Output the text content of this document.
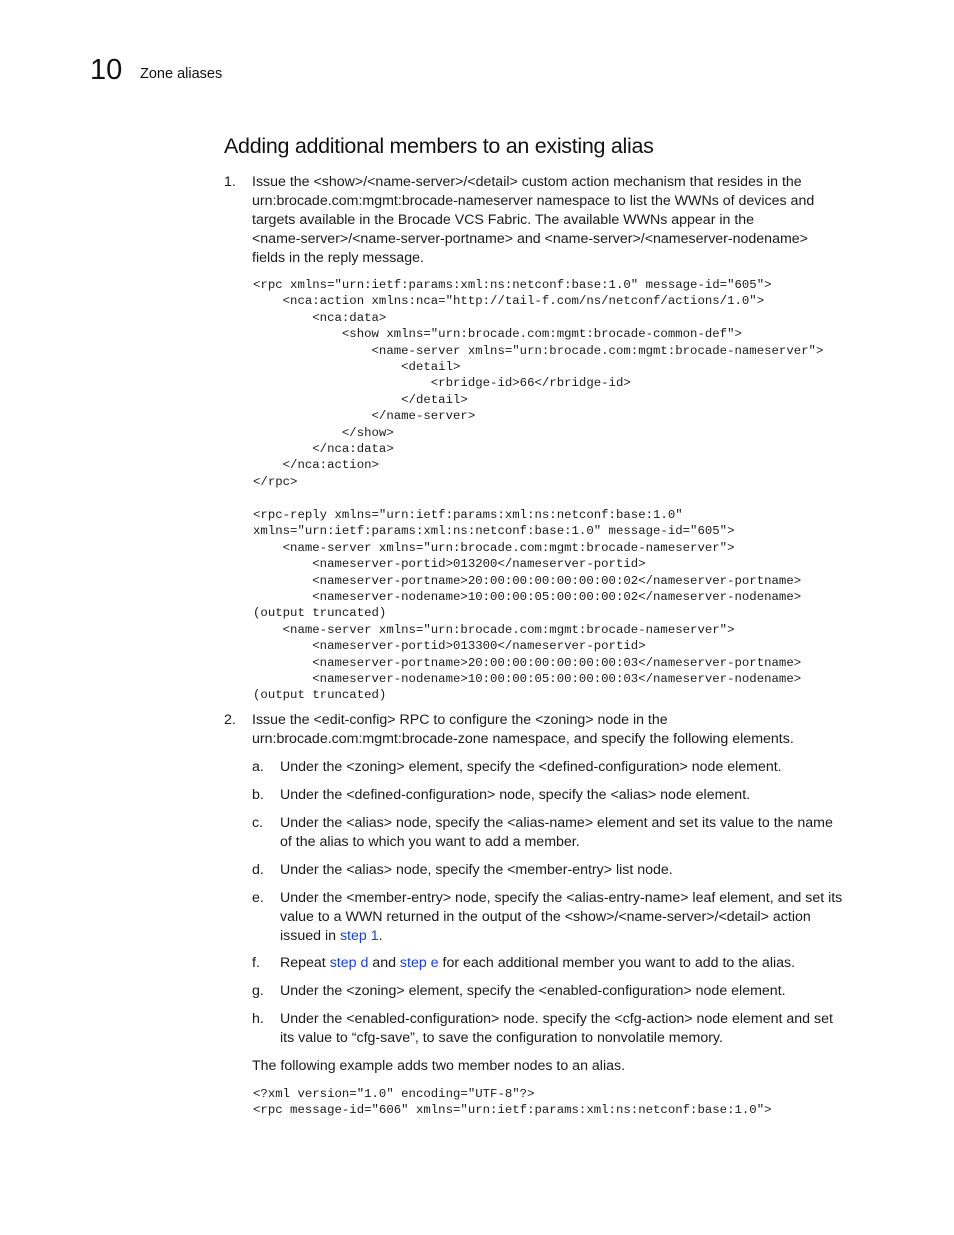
10 Zone aliases
Adding additional members to an existing alias
1. Issue the <show>/<name-server>/<detail> custom action mechanism that resides in the
urn:brocade.com:mgmt:brocade-nameserver namespace to list the WWNs of devices and
targets available in the Brocade VCS Fabric. The available WWNs appear in the
<name-server>/<name-server-portname> and <name-server>/<nameserver-nodename>
fields in the reply message.
<rpc xmlns="urn:ietf:params:xml:ns:netconf:base:1.0" message-id="605">
<nca:action xmlns:nca="http://tail-f.com/ns/netconf/actions/1.0">
<nca:data>
<show xmlns="urn:brocade.com:mgmt:brocade-common-def">
<name-server xmlns="urn:brocade.com:mgmt:brocade-nameserver">
<detail>
<rbridge-id>66</rbridge-id>
</detail>
</name-server>
</show>
</nca:data>
</nca:action>
</rpc>
<rpc-reply xmlns="urn:ietf:params:xml:ns:netconf:base:1.0"
xmlns="urn:ietf:params:xml:ns:netconf:base:1.0" message-id="605">
<name-server xmlns="urn:brocade.com:mgmt:brocade-nameserver">
<nameserver-portid>013200</nameserver-portid>
<nameserver-portname>20:00:00:00:00:00:00:02</nameserver-portname>
<nameserver-nodename>10:00:00:05:00:00:00:02</nameserver-nodename>
(output truncated)
<name-server xmlns="urn:brocade.com:mgmt:brocade-nameserver">
<nameserver-portid>013300</nameserver-portid>
<nameserver-portname>20:00:00:00:00:00:00:03</nameserver-portname>
<nameserver-nodename>10:00:00:05:00:00:00:03</nameserver-nodename>
(output truncated)
2. Issue the <edit-config> RPC to configure the <zoning> node in the
urn:brocade.com:mgmt:brocade-zone namespace, and specify the following elements.
a. Under the <zoning> element, specify the <defined-configuration> node element.
b. Under the <defined-configuration> node, specify the <alias> node element.
c. Under the <alias> node, specify the <alias-name> element and set its value to the name
of the alias to which you want to add a member.
d. Under the <alias> node, specify the <member-entry> list node.
e. Under the <member-entry> node, specify the <alias-entry-name> leaf element, and set its
value to a WWN returned in the output of the <show>/<name-server>/<detail> action
issued in step 1.
f. Repeat step d and step e for each additional member you want to add to the alias.
g. Under the <zoning> element, specify the <enabled-configuration> node element.
h. Under the <enabled-configuration> node. specify the <cfg-action> node element and set
its value to “cfg-save”, to save the configuration to nonvolatile memory.
The following example adds two member nodes to an alias.
<?xml version="1.0" encoding="UTF-8"?>
<rpc message-id="606" xmlns="urn:ietf:params:xml:ns:netconf:base:1.0">
